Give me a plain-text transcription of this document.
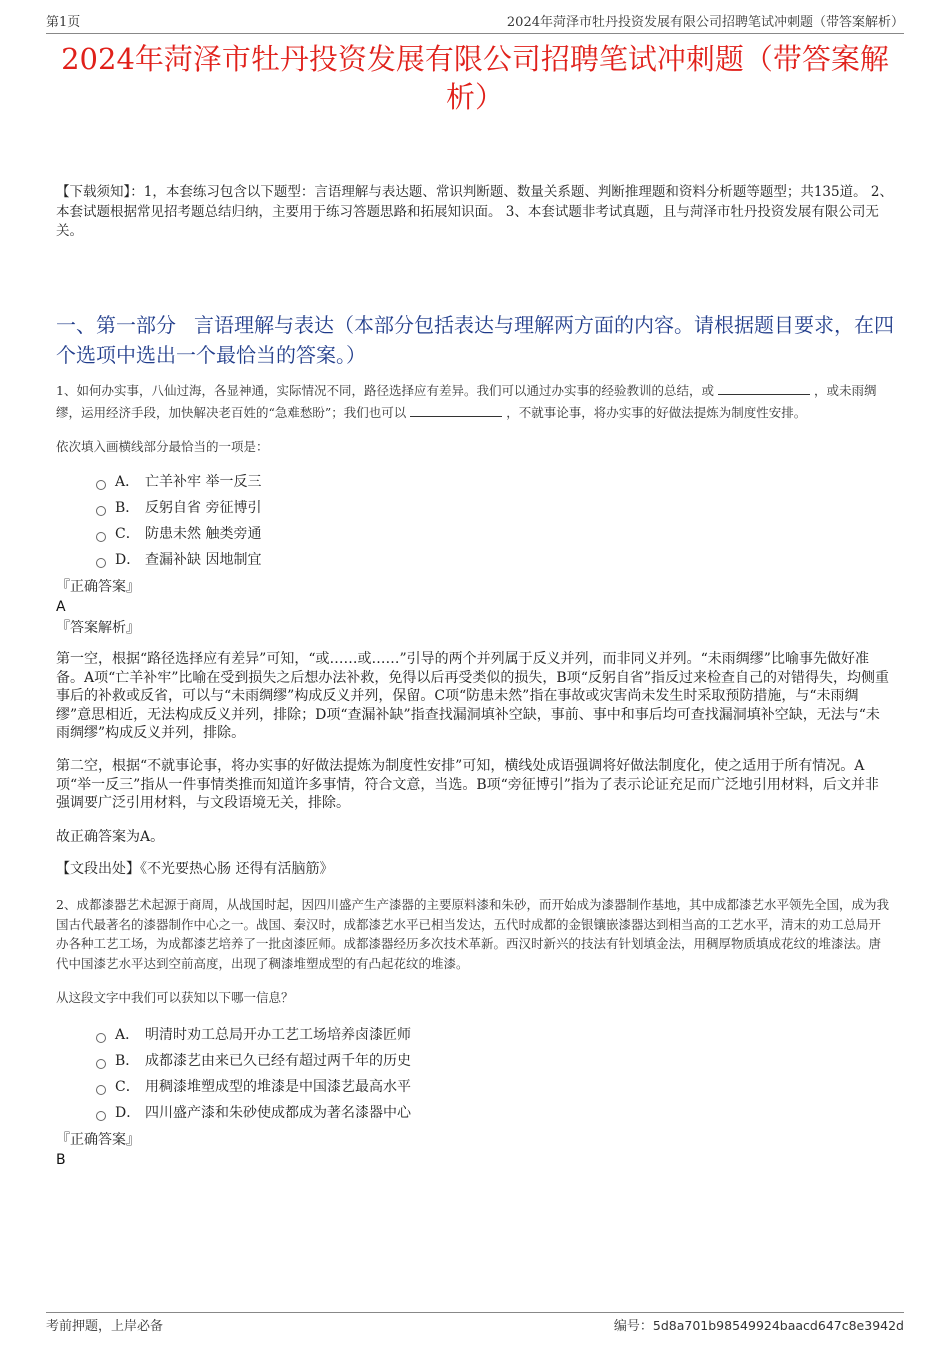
第1页	2024年菏泽市牡丹投资发展有限公司招聘笔试冲刺题（带答案解析）
2024年菏泽市牡丹投资发展有限公司招聘笔试冲刺题（带答案解析）

【下载须知】：1，本套练习包含以下题型：言语理解与表达题、常识判断题、数量关系题、判断推理题和资料分析题等题型；共135道。 2、本套试题根据常见招考题总结归纳，主要用于练习答题思路和拓展知识面。 3、本套试题非考试真题，且与菏泽市牡丹投资发展有限公司无关。

一、第一部分 言语理解与表达（本部分包括表达与理解两方面的内容。请根据题目要求，在四个选项中选出一个最恰当的答案。）

1、如何办实事，八仙过海，各显神通，实际情况不同，路径选择应有差异。我们可以通过办实事的经验教训的总结，或	，或未雨绸缪，运用经济手段，加快解决老百姓的“急难愁盼”；我们也可以	，不就事论事，将办实事的好做法提炼为制度性安排。

依次填入画横线部分最恰当的一项是：

A． 亡羊补牢 举一反三
B． 反躬自省 旁征博引
C． 防患未然 触类旁通
D． 查漏补缺 因地制宜

『正确答案』

A

『答案解析』

第一空，根据“路径选择应有差异”可知，“或……或……”引导的两个并列属于反义并列，而非同义并列。“未雨绸缪”比喻事先做好准备。A项“亡羊补牢”比喻在受到损失之后想办法补救，免得以后再受类似的损失，B项“反躬自省”指反过来检查自己的对错得失，均侧重事后的补救或反省，可以与“未雨绸缪”构成反义并列，保留。C项“防患未然”指在事故或灾害尚未发生时采取预防措施，与“未雨绸缪”意思相近，无法构成反义并列，排除；D项“查漏补缺”指查找漏洞填补空缺，事前、事中和事后均可查找漏洞填补空缺，无法与“未雨绸缪”构成反义并列，排除。

第二空，根据“不就事论事，将办实事的好做法提炼为制度性安排”可知，横线处成语强调将好做法制度化，使之适用于所有情况。A项“举一反三”指从一件事情类推而知道许多事情，符合文意，当选。B项“旁征博引”指为了表示论证充足而广泛地引用材料，后文并非强调要广泛引用材料，与文段语境无关，排除。

故正确答案为A。

【文段出处】《不光要热心肠 还得有活脑筋》

2、成都漆器艺术起源于商周，从战国时起，因四川盛产生产漆器的主要原料漆和朱砂，而开始成为漆器制作基地，其中成都漆艺水平领先全国，成为我国古代最著名的漆器制作中心之一。战国、秦汉时，成都漆艺水平已相当发达，五代时成都的金银镶嵌漆器达到相当高的工艺水平，清末的劝工总局开办各种工艺工场，为成都漆艺培养了一批卤漆匠师。成都漆器经历多次技术革新。西汉时新兴的技法有针划填金法，用稠厚物质填成花纹的堆漆法。唐代中国漆艺水平达到空前高度，出现了稠漆堆塑成型的有凸起花纹的堆漆。

从这段文字中我们可以获知以下哪一信息？

A． 明清时劝工总局开办工艺工场培养卤漆匠师
B． 成都漆艺由来已久已经有超过两千年的历史
C． 用稠漆堆塑成型的堆漆是中国漆艺最高水平
D． 四川盛产漆和朱砂使成都成为著名漆器中心

『正确答案』

B

考前押题，上岸必备	编号：5d8a701b98549924baacd647c8e3942d
